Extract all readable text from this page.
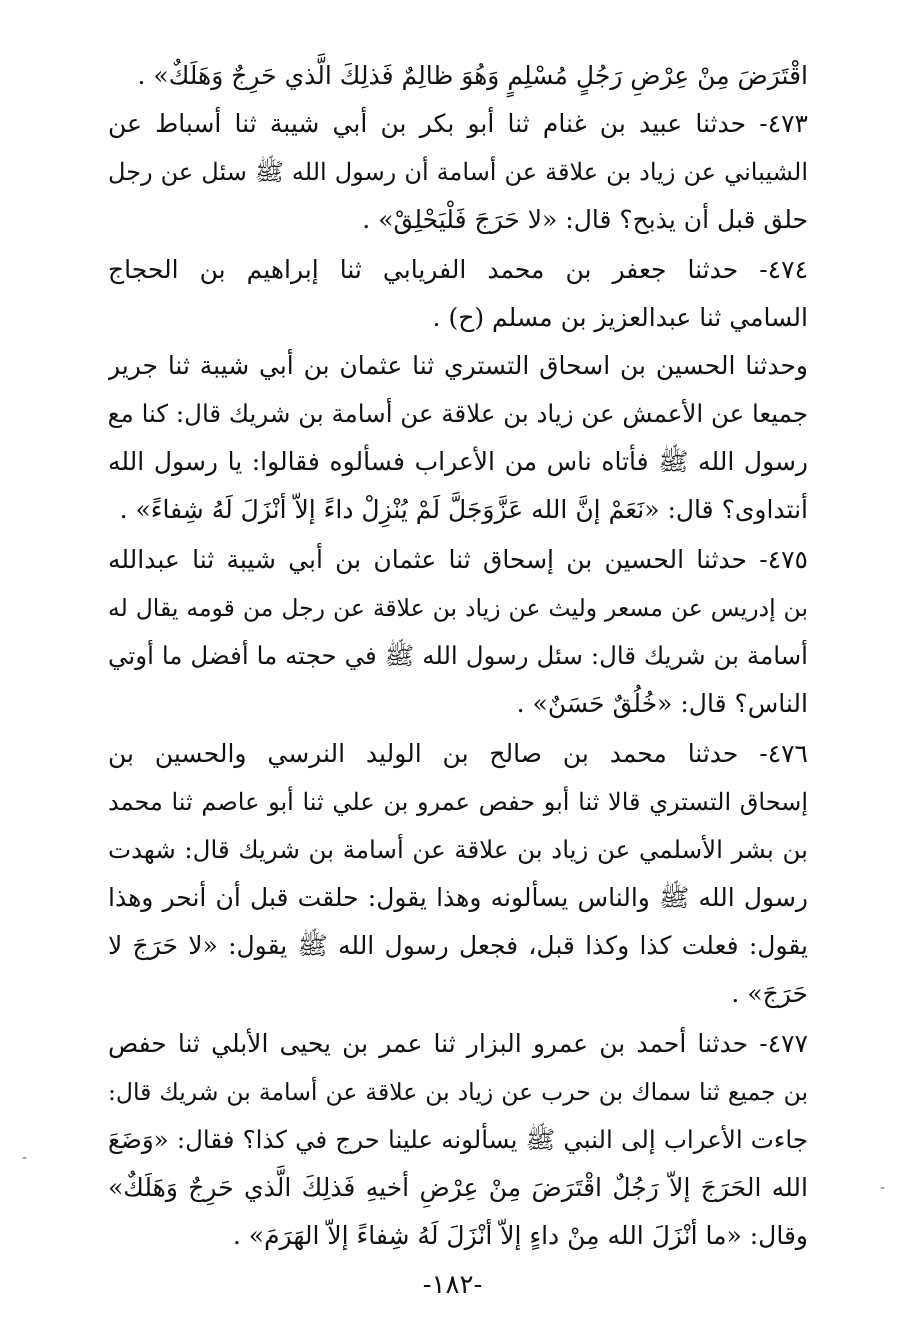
اقْتَرَضَ مِنْ عِرْضِ رَجُلٍ مُسْلِمٍ وَهُوَ ظالِمٌ فَذلِكَ الَّذي حَرِجٌ وَهَلَكٌ» .
٤٧٣- حدثنا عبيد بن غنام ثنا أبو بكر بن أبي شيبة ثنا أسباط عن
الشيباني عن زياد بن علاقة عن أسامة أن رسول الله ﷺ سئل عن رجل
حلق قبل أن يذبح؟ قال: «لا حَرَجَ فَلْيَحْلِقْ» .
٤٧٤- حدثنا جعفر بن محمد الفريابي ثنا إبراهيم بن الحجاج
السامي ثنا عبدالعزيز بن مسلم (ح) .
وحدثنا الحسين بن اسحاق التستري ثنا عثمان بن أبي شيبة ثنا جرير
جميعا عن الأعمش عن زياد بن علاقة عن أسامة بن شريك قال: كنا مع
رسول الله ﷺ فأتاه ناس من الأعراب فسألوه فقالوا: يا رسول الله
أنتداوى؟ قال: «نَعَمْ إنَّ الله عَزَّوَجَلَّ لَمْ يُنْزِلْ داءً إلاّ أنْزَلَ لَهُ شِفاءً» .
٤٧٥- حدثنا الحسين بن إسحاق ثنا عثمان بن أبي شيبة ثنا عبدالله
بن إدريس عن مسعر وليث عن زياد بن علاقة عن رجل من قومه يقال له
أسامة بن شريك قال: سئل رسول الله ﷺ في حجته ما أفضل ما أوتي
الناس؟ قال: «خُلُقٌ حَسَنٌ» .
٤٧٦- حدثنا محمد بن صالح بن الوليد النرسي والحسين بن
إسحاق التستري قالا ثنا أبو حفص عمرو بن علي ثنا أبو عاصم ثنا محمد
بن بشر الأسلمي عن زياد بن علاقة عن أسامة بن شريك قال: شهدت
رسول الله ﷺ والناس يسألونه وهذا يقول: حلقت قبل أن أنحر وهذا
يقول: فعلت كذا وكذا قبل، فجعل رسول الله ﷺ يقول: «لا حَرَجَ لا
حَرَجَ» .
٤٧٧- حدثنا أحمد بن عمرو البزار ثنا عمر بن يحيى الأبلي ثنا حفص
بن جميع ثنا سماك بن حرب عن زياد بن علاقة عن أسامة بن شريك قال:
جاءت الأعراب إلى النبي ﷺ يسألونه علينا حرج في كذا؟ فقال: «وَضَعَ
الله الحَرَجَ إلاّ رَجُلٌ اقْتَرَضَ مِنْ عِرْضِ أخيهِ فَذلِكَ الَّذي حَرِجٌ وَهَلَكٌ»
وقال: «ما أنْزَلَ الله مِنْ داءٍ إلاّ أنْزَلَ لَهُ شِفاءً إلاّ الهَرَمَ» .
-
-
-١٨٢-
